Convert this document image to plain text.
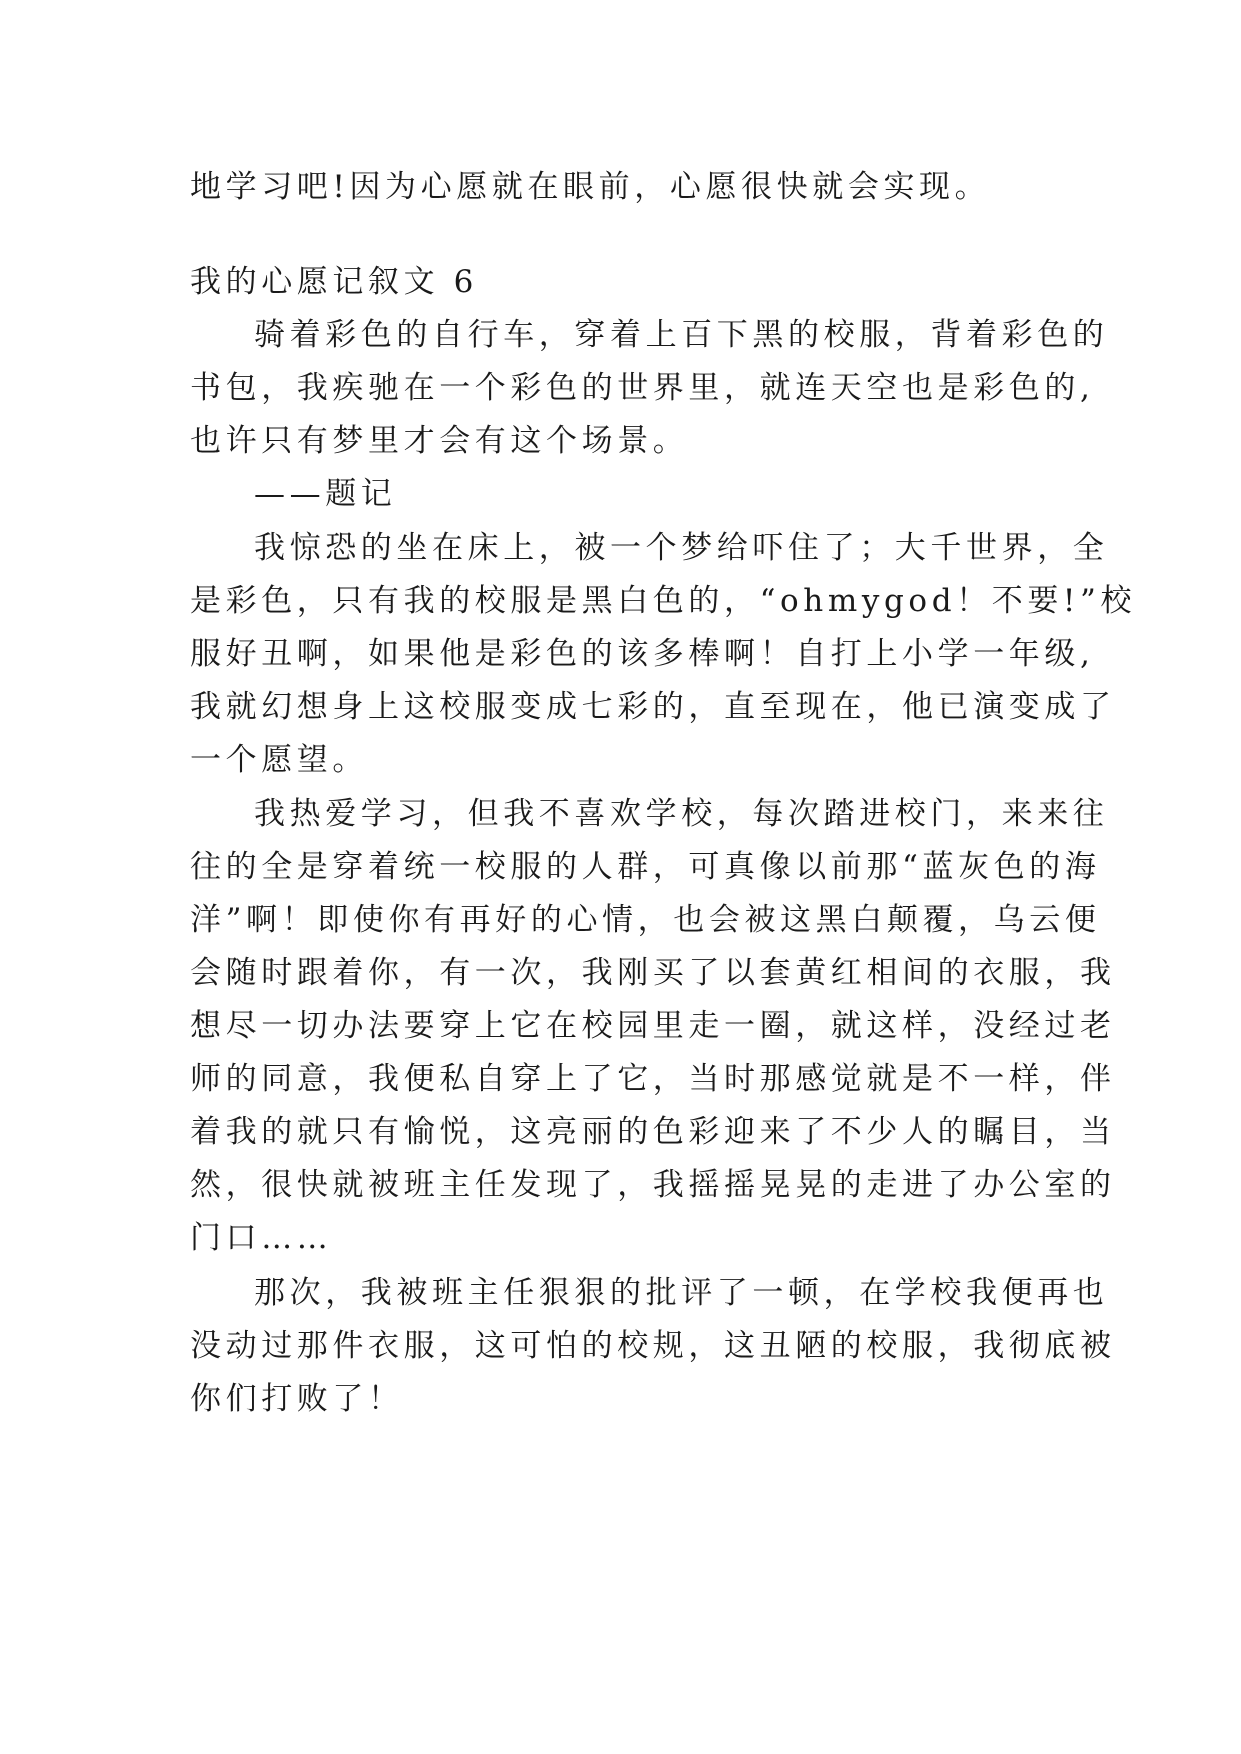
地学习吧!因为心愿就在眼前，心愿很快就会实现。
我的心愿记叙文 6
骑着彩色的自行车，穿着上百下黑的校服，背着彩色的
书包，我疾驰在一个彩色的世界里，就连天空也是彩色的,
也许只有梦里才会有这个场景。
——题记
我惊恐的坐在床上，被一个梦给吓住了；大千世界，全
是彩色，只有我的校服是黑白色的，“ohmygod！不要!”校
服好丑啊，如果他是彩色的该多棒啊！自打上小学一年级,
我就幻想身上这校服变成七彩的，直至现在，他已演变成了
一个愿望。
我热爱学习，但我不喜欢学校，每次踏进校门，来来往
往的全是穿着统一校服的人群，可真像以前那“蓝灰色的海
洋”啊！即使你有再好的心情，也会被这黑白颠覆，乌云便
会随时跟着你，有一次，我刚买了以套黄红相间的衣服，我
想尽一切办法要穿上它在校园里走一圈，就这样，没经过老
师的同意，我便私自穿上了它，当时那感觉就是不一样，伴
着我的就只有愉悦，这亮丽的色彩迎来了不少人的瞩目，当
然，很快就被班主任发现了，我摇摇晃晃的走进了办公室的
门口……
那次，我被班主任狠狠的批评了一顿，在学校我便再也
没动过那件衣服，这可怕的校规，这丑陋的校服，我彻底被
你们打败了！
